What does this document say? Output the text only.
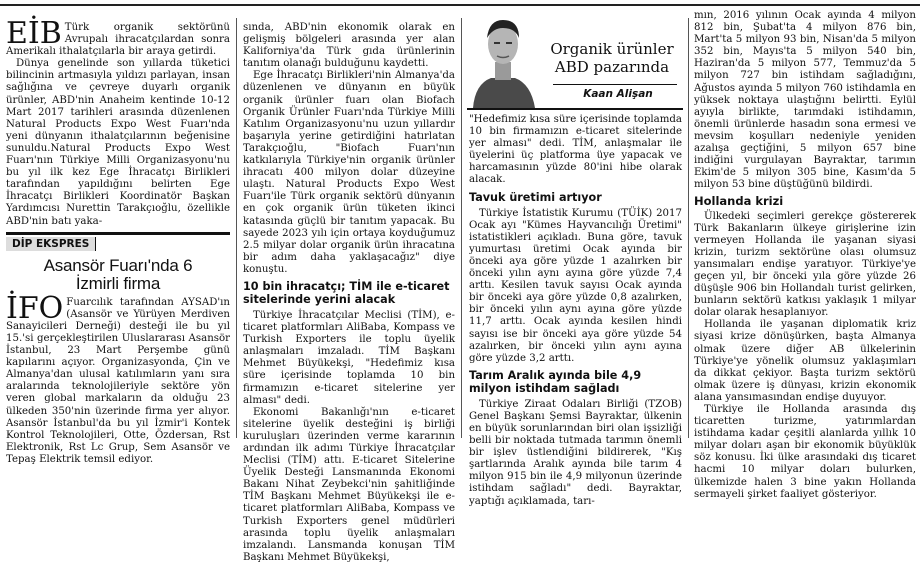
EİB Türk organik sektörünü Avrupalı ihracatçılardan sonra Amerikalı ithalatçılarla bir araya getirdi.

Dünya genelinde son yıllarda tüketici bilincinin artmasıyla yıldızı parlayan, insan sağlığına ve çevreye duyarlı organik ürünler, ABD'nin Anaheim kentinde 10-12 Mart 2017 tarihleri arasında düzenlenen Natural Products Expo West Fuarı'nda yeni dünyanın ithalatçılarının beğenisine sunuldu.Natural Products Expo West Fuarı'nın Türkiye Milli Organizasyonu'nu bu yıl ilk kez Ege İhracatçı Birlikleri tarafından yapıldığını belirten Ege İhracatçı Birlikleri Koordinatör Başkan Yardımcısı Nurettin Tarakçıoğlu, özellikle ABD'nin batı yaka-

DİP EKSPRES
Asansör Fuarı'nda 6 İzmirli firma

İFO Fuarcılık tarafından AYSAD'ın (Asansör ve Yürüyen Merdiven Sanayicileri Derneği) desteği ile bu yıl 15.'si gerçekleştirilen Uluslararası Asansör İstanbul, 23 Mart Perşembe günü kapılarını açıyor. Organizasyonda, Çin ve Almanya'dan ulusal katılımların yanı sıra aralarında teknolojileriyle sektöre yön veren global markaların da olduğu 23 ülkeden 350'nin üzerinde firma yer alıyor. Asansör İstanbul'da bu yıl İzmir'i Kontek Kontrol Teknolojileri, Otte, Özdersan, Rst Elektronik, Rst Lc Grup, Sem Asansör ve Tepaş Elektrik temsil ediyor.

sında, ABD'nin ekonomik olarak en gelişmiş bölgeleri arasında yer alan Kaliforniya'da Türk gıda ürünlerinin tanıtım olanağı bulduğunu kaydetti.

Ege İhracatçı Birlikleri'nin Almanya'da düzenlenen ve dünyanın en büyük organik ürünler fuarı olan Biofach Organik Ürünler Fuarı'nda Türkiye Milli Katılım Organizasyonu'nu uzun yıllardır başarıyla yerine getirdiğini hatırlatan Tarakçıoğlu, "Biofach Fuarı'nın katkılarıyla Türkiye'nin organik ürünler ihracatı 400 milyon dolar düzeyine ulaştı. Natural Products Expo West Fuarı'ile Türk organik sektörü dünyanın en çok organik ürün tüketen ikinci katasında güçlü bir tanıtım yapacak. Bu sayede 2023 yılı için ortaya koyduğumuz 2.5 milyar dolar organik ürün ihracatına bir adım daha yaklaşacağız" diye konuştu.

10 bin ihracatçı; TİM ile e-ticaret sitelerinde yerini alacak

Türkiye İhracatçılar Meclisi (TİM), e-ticaret platformları AliBaba, Kompass ve Turkish Exporters ile toplu üyelik anlaşmaları imzaladı. TİM Başkanı Mehmet Büyükekşi, "Hedefimiz kısa süre içerisinde toplamda 10 bin firmamızın e-ticaret sitelerine yer alması" dedi.

Ekonomi Bakanlığı'nın e-ticaret sitelerine üyelik desteğini iş birliği kuruluşları üzerinden verme kararının ardından ilk adımı Türkiye İhracatçılar Meclisi (TİM) attı. E-ticaret Sitelerine Üyelik Desteği Lansmanında Ekonomi Bakanı Nihat Zeybekci'nin şahitliğinde TİM Başkanı Mehmet Büyükekşi ile e-ticaret platformları AliBaba, Kompass ve Turkish Exporters genel müdürleri arasında toplu üyelik anlaşmaları imzalandı. Lansmanda konuşan TİM Başkanı Mehmet Büyükekşi,

Organik ürünler ABD pazarında
Kaan Alişan

"Hedefimiz kısa süre içerisinde toplamda 10 bin firmamızın e-ticaret sitelerinde yer alması" dedi. TİM, anlaşmalar ile üyelerini üç platforma üye yapacak ve harcamasının yüzde 80'ini hibe olarak alacak.

Tavuk üretimi artıyor

Türkiye İstatistik Kurumu (TÜİK) 2017 Ocak ayı "Kümes Hayvancılığı Üretimi" istatistikleri açıkladı. Buna göre, tavuk yumurtası üretimi Ocak ayında bir önceki aya göre yüzde 1 azalırken bir önceki yılın aynı ayına göre yüzde 7,4 arttı. Kesilen tavuk sayısı Ocak ayında bir önceki aya göre yüzde 0,8 azalırken, bir önceki yılın aynı ayına göre yüzde 11,7 arttı. Ocak ayında kesilen hindi sayısı ise bir önceki aya göre yüzde 54 azalırken, bir önceki yılın aynı ayına göre yüzde 3,2 arttı.

Tarım Aralık ayında bile 4,9 milyon istihdam sağladı

Türkiye Ziraat Odaları Birliği (TZOB) Genel Başkanı Şemsi Bayraktar, ülkenin en büyük sorunlarından biri olan işsizliği belli bir noktada tutmada tarımın önemli bir işlev üstlendiğini bildirerek, "Kış şartlarında Aralık ayında bile tarım 4 milyon 915 bin ile 4,9 milyonun üzerinde istihdam sağladı" dedi. Bayraktar, yaptığı açıklamada, tarı-

mın, 2016 yılının Ocak ayında 4 milyon 812 bin, Şubat'ta 4 milyon 876 bin, Mart'ta 5 milyon 93 bin, Nisan'da 5 milyon 352 bin, Mayıs'ta 5 milyon 540 bin, Haziran'da 5 milyon 577, Temmuz'da 5 milyon 727 bin istihdam sağladığını, Ağustos ayında 5 milyon 760 istihdamla en yüksek noktaya ulaştığını belirtti. Eylül ayıyla birlikte, tarımdaki istihdamın, önemli ürünlerde hasadın sona ermesi ve mevsim koşulları nedeniyle yeniden azalışa geçtiğini, 5 milyon 657 bine indiğini vurgulayan Bayraktar, tarımın Ekim'de 5 milyon 305 bine, Kasım'da 5 milyon 53 bine düştüğünü bildirdi.

Hollanda krizi

Ülkedeki seçimleri gerekçe göstererek Türk Bakanların ülkeye girişlerine izin vermeyen Hollanda ile yaşanan siyasi krizin, turizm sektörüne olası olumsuz yansımaları endişe yaratıyor. Türkiye'ye geçen yıl, bir önceki yıla göre yüzde 26 düşüşle 906 bin Hollandalı turist gelirken, bunların sektörü katkısı yaklaşık 1 milyar dolar olarak hesaplanıyor.

Hollanda ile yaşanan diplomatik kriz siyasi krize dönüşürken, başta Almanya olmak üzere diğer AB ülkelerinin Türkiye'ye yönelik olumsuz yaklaşımları da dikkat çekiyor. Başta turizm sektörü olmak üzere iş dünyası, krizin ekonomik alana yansımasından endişe duyuyor.

Türkiye ile Hollanda arasında dış ticaretten turizme, yatırımlardan istihdama kadar çeşitli alanlarda yıllık 10 milyar doları aşan bir ekonomik büyüklük söz konusu. İki ülke arasındaki dış ticaret hacmi 10 milyar doları bulurken, ülkemizde halen 3 bine yakın Hollanda sermayeli şirket faaliyet gösteriyor.
